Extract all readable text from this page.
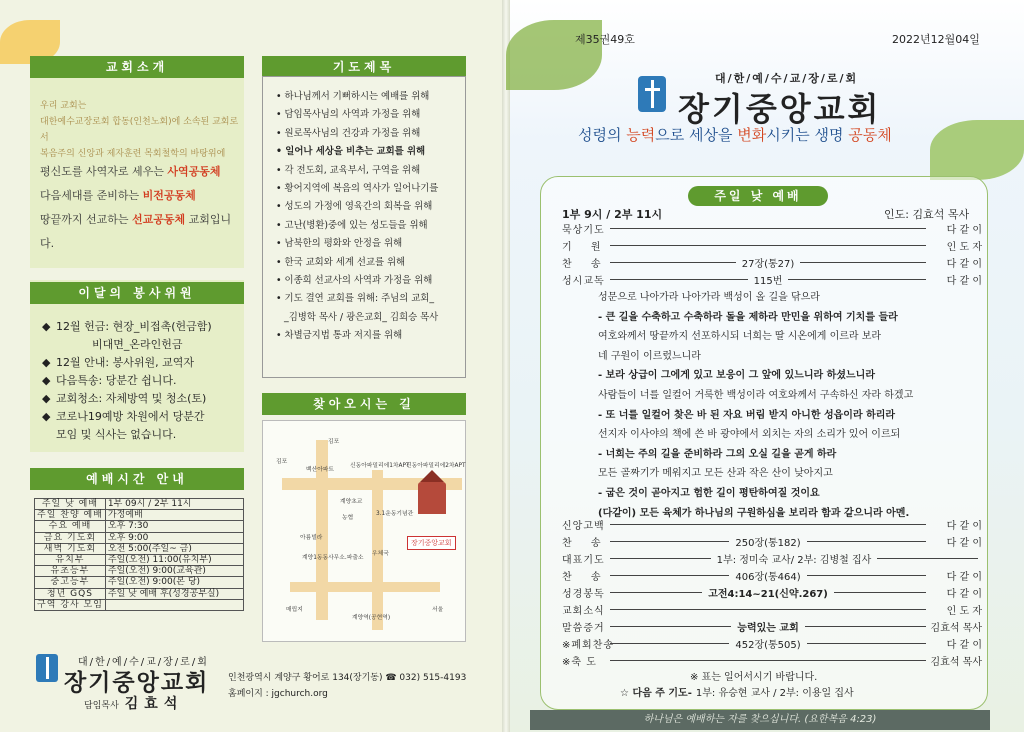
교회소개
우리 교회는
대한예수교장로회 합동(인천노회)에 소속된 교회로서
복음주의 신앙과 제자훈련 목회철학의 바탕위에
평신도를 사역자로 세우는 사역공동체
다음세대를 준비하는 비전공동체
땅끝까지 선교하는 선교공동체 교회입니다.
이달의 봉사위원
◆ 12월 헌금: 현장_비접촉(헌금함)
비대면_온라인헌금
◆ 12월 안내: 봉사위원, 교역자
◆ 다음특송: 당분간 쉽니다.
◆ 교회청소: 자체방역 및 청소(토)
◆ 코로나19예방 차원에서 당분간
모임 및 식사는 없습니다.
예배시간 안내
주일 낮 예배	1부 09시 / 2부 11시
주일 찬양 예배	가정예배
수요 예배	오후 7:30
금요 기도회	오후 9:00
새벽 기도회	오전 5:00(주일~ 금)
유치부	주일(오전) 11:00(유치부)
유초등부	주일(오전) 9:00(교육관)
중고등부	주일(오전) 9:00(본 당)
청년 GQS	주일 낮 예배 후(성경공부실)
구역 강사 모임	
기도제목
• 하나님께서 기뻐하시는 예배를 위해
• 담임목사님의 사역과 가정을 위해
• 원로목사님의 건강과 가정을 위해
• 일어나 세상을 비추는 교회를 위해
• 각 전도회, 교육부서, 구역을 위해
• 황어지역에 복음의 역사가 일어나기를
• 성도의 가정에 영육간의 회복을 위해
• 고난(병환)중에 있는 성도들을 위해
• 남북한의 평화와 안정을 위해
• 한국 교회와 세계 선교를 위해
• 이종희 선교사의 사역과 가정을 위해
• 기도 결연 교회를 위해: 주님의 교회_
_김병학 목사 / 광은교회_ 김희승 목사
• 차별금지법 통과 저지를 위해
찾아오시는 길
김포
김포
백산아파트
신동아파밀리에1차APT
신동아파밀리에2차APT
계양초교
농협
3.1운동기념관
아름빌라
계양1동동사무소.파출소
우체국
매립지
계양역(공현역)
서울
장기중앙교회
대/한/예/수/교/장/로/회
장기중앙교회
담임목사 김효석
인천광역시 계양구 황어로 134(장기동) ☎ 032) 515-4193
홈페이지 : jgchurch.org
제35권49호	2022년12월04일
대/한/예/수/교/장/로/회
장기중앙교회
성령의 능력으로 세상을 변화시키는 생명 공동체
주일 낮 예배
1부 9시 / 2부 11시	인도: 김효석 목사
묵상기도	다 같 이
기 원	인 도 자
찬 송	27장(통27)	다 같 이
성시교독	115번	다 같 이
성문으로 나아가라 나아가라 백성이 올 길을 닦으라
- 큰 길을 수축하고 수축하라 돌을 제하라 만민을 위하여 기치를 들라
여호와께서 땅끝까지 선포하시되 너희는 딸 시온에게 이르라 보라
네 구원이 이르렀느니라
- 보라 상급이 그에게 있고 보응이 그 앞에 있느니라 하셨느니라
사람들이 너를 일컬어 거룩한 백성이라 여호와께서 구속하신 자라 하겠고
- 또 너를 일컬어 찾은 바 된 자요 버림 받지 아니한 성읍이라 하리라
선지자 이사야의 책에 쓴 바 광야에서 외치는 자의 소리가 있어 이르되
- 너희는 주의 길을 준비하라 그의 오실 길을 곧게 하라
모든 골짜기가 메워지고 모든 산과 작은 산이 낮아지고
- 굽은 것이 곧아지고 험한 길이 평탄하여질 것이요
(다같이) 모든 육체가 하나님의 구원하심을 보리라 함과 같으니라 아멘.
신앙고백	다 같 이
찬 송	250장(통182)	다 같 이
대표기도	1부: 정미숙 교사/ 2부: 김병철 집사
찬 송	406장(통464)	다 같 이
성경봉독	고전4:14~21(신약.267)	다 같 이
교회소식	인 도 자
말씀증거	능력있는 교회	김효석 목사
※폐회찬송	452장(통505)	다 같 이
※축 도	김효석 목사
※ 표는 일어서시기 바랍니다.
☆ 다음 주 기도- 1부: 유승현 교사 / 2부: 이용일 집사
하나님은 예배하는 자를 찾으십니다. (요한복음 4:23)
